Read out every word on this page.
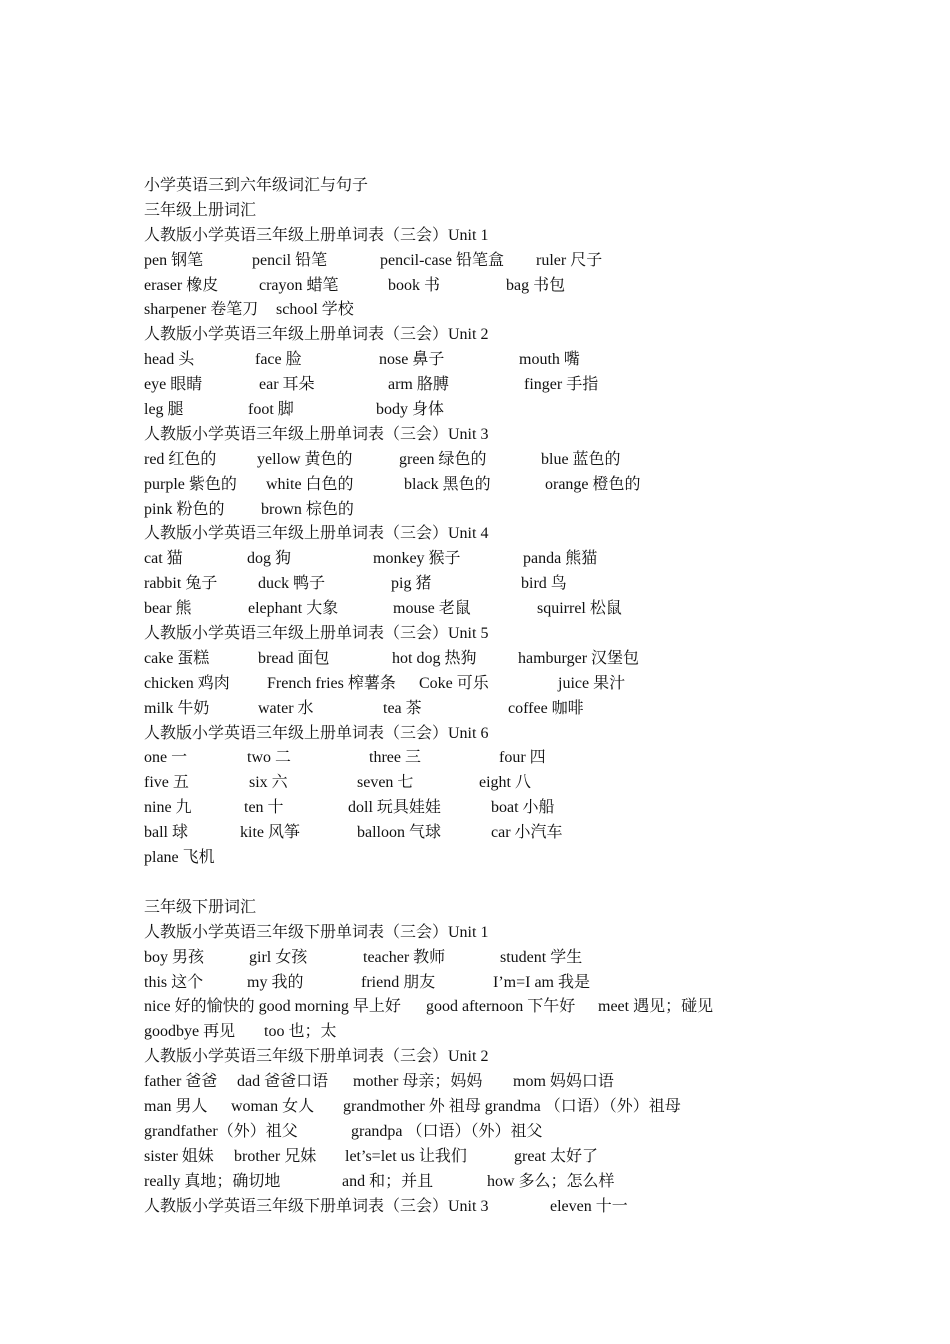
小学英语三到六年级词汇与句子
三年级上册词汇
人教版小学英语三年级上册单词表（三会）Unit 1
pen 钢笔	pencil 铅笔	pencil-case 铅笔盒 ruler 尺子
eraser 橡皮	crayon 蜡笔	book 书	bag 书包
sharpener 卷笔刀 school 学校
人教版小学英语三年级上册单词表（三会）Unit 2
head 头	face 脸	nose 鼻子	mouth 嘴
eye 眼睛	ear 耳朵	arm 胳膊	finger 手指
leg 腿	foot 脚	body 身体
人教版小学英语三年级上册单词表（三会）Unit 3
red 红色的	yellow 黄色的	green 绿色的	blue 蓝色的
purple 紫色的 white 白色的	black 黑色的	orange 橙色的
pink 粉色的 brown 棕色的
人教版小学英语三年级上册单词表（三会）Unit 4
cat 猫	dog 狗	monkey 猴子	panda 熊猫
rabbit 兔子	duck 鸭子	pig 猪	bird 鸟
bear 熊	elephant 大象	mouse 老鼠	squirrel 松鼠
人教版小学英语三年级上册单词表（三会）Unit 5
cake 蛋糕	bread 面包	hot dog 热狗	hamburger 汉堡包
chicken 鸡肉 French fries 榨薯条 Coke 可乐	juice 果汁
milk 牛奶	water 水	tea 茶	coffee 咖啡
人教版小学英语三年级上册单词表（三会）Unit 6
one 一	two 二	three 三	four 四
five 五	six 六	seven 七	eight 八
nine 九	ten 十	doll 玩具娃娃	boat 小船
ball 球	kite 风筝	balloon 气球	car 小汽车
plane 飞机
三年级下册词汇
人教版小学英语三年级下册单词表（三会）Unit 1
boy 男孩	girl 女孩	teacher 教师	student 学生
this 这个	my 我的	friend 朋友	I’m=I am 我是
nice 好的愉快的 good morning 早上好 good afternoon 下午好 meet 遇见；碰见
goodbye 再见 too 也；太
人教版小学英语三年级下册单词表（三会）Unit 2
father 爸爸 dad 爸爸口语 mother 母亲；妈妈 mom 妈妈口语
man 男人 woman 女人 grandmother 外 祖母 grandma （口语）（外）祖母
grandfather（外）祖父	grandpa （口语）（外）祖父
sister 姐妹 brother 兄妹 let’s=let us 让我们	great 太好了
really 真地；确切地	and 和；并且	how 多么；怎么样
人教版小学英语三年级下册单词表（三会）Unit 3	eleven 十一
